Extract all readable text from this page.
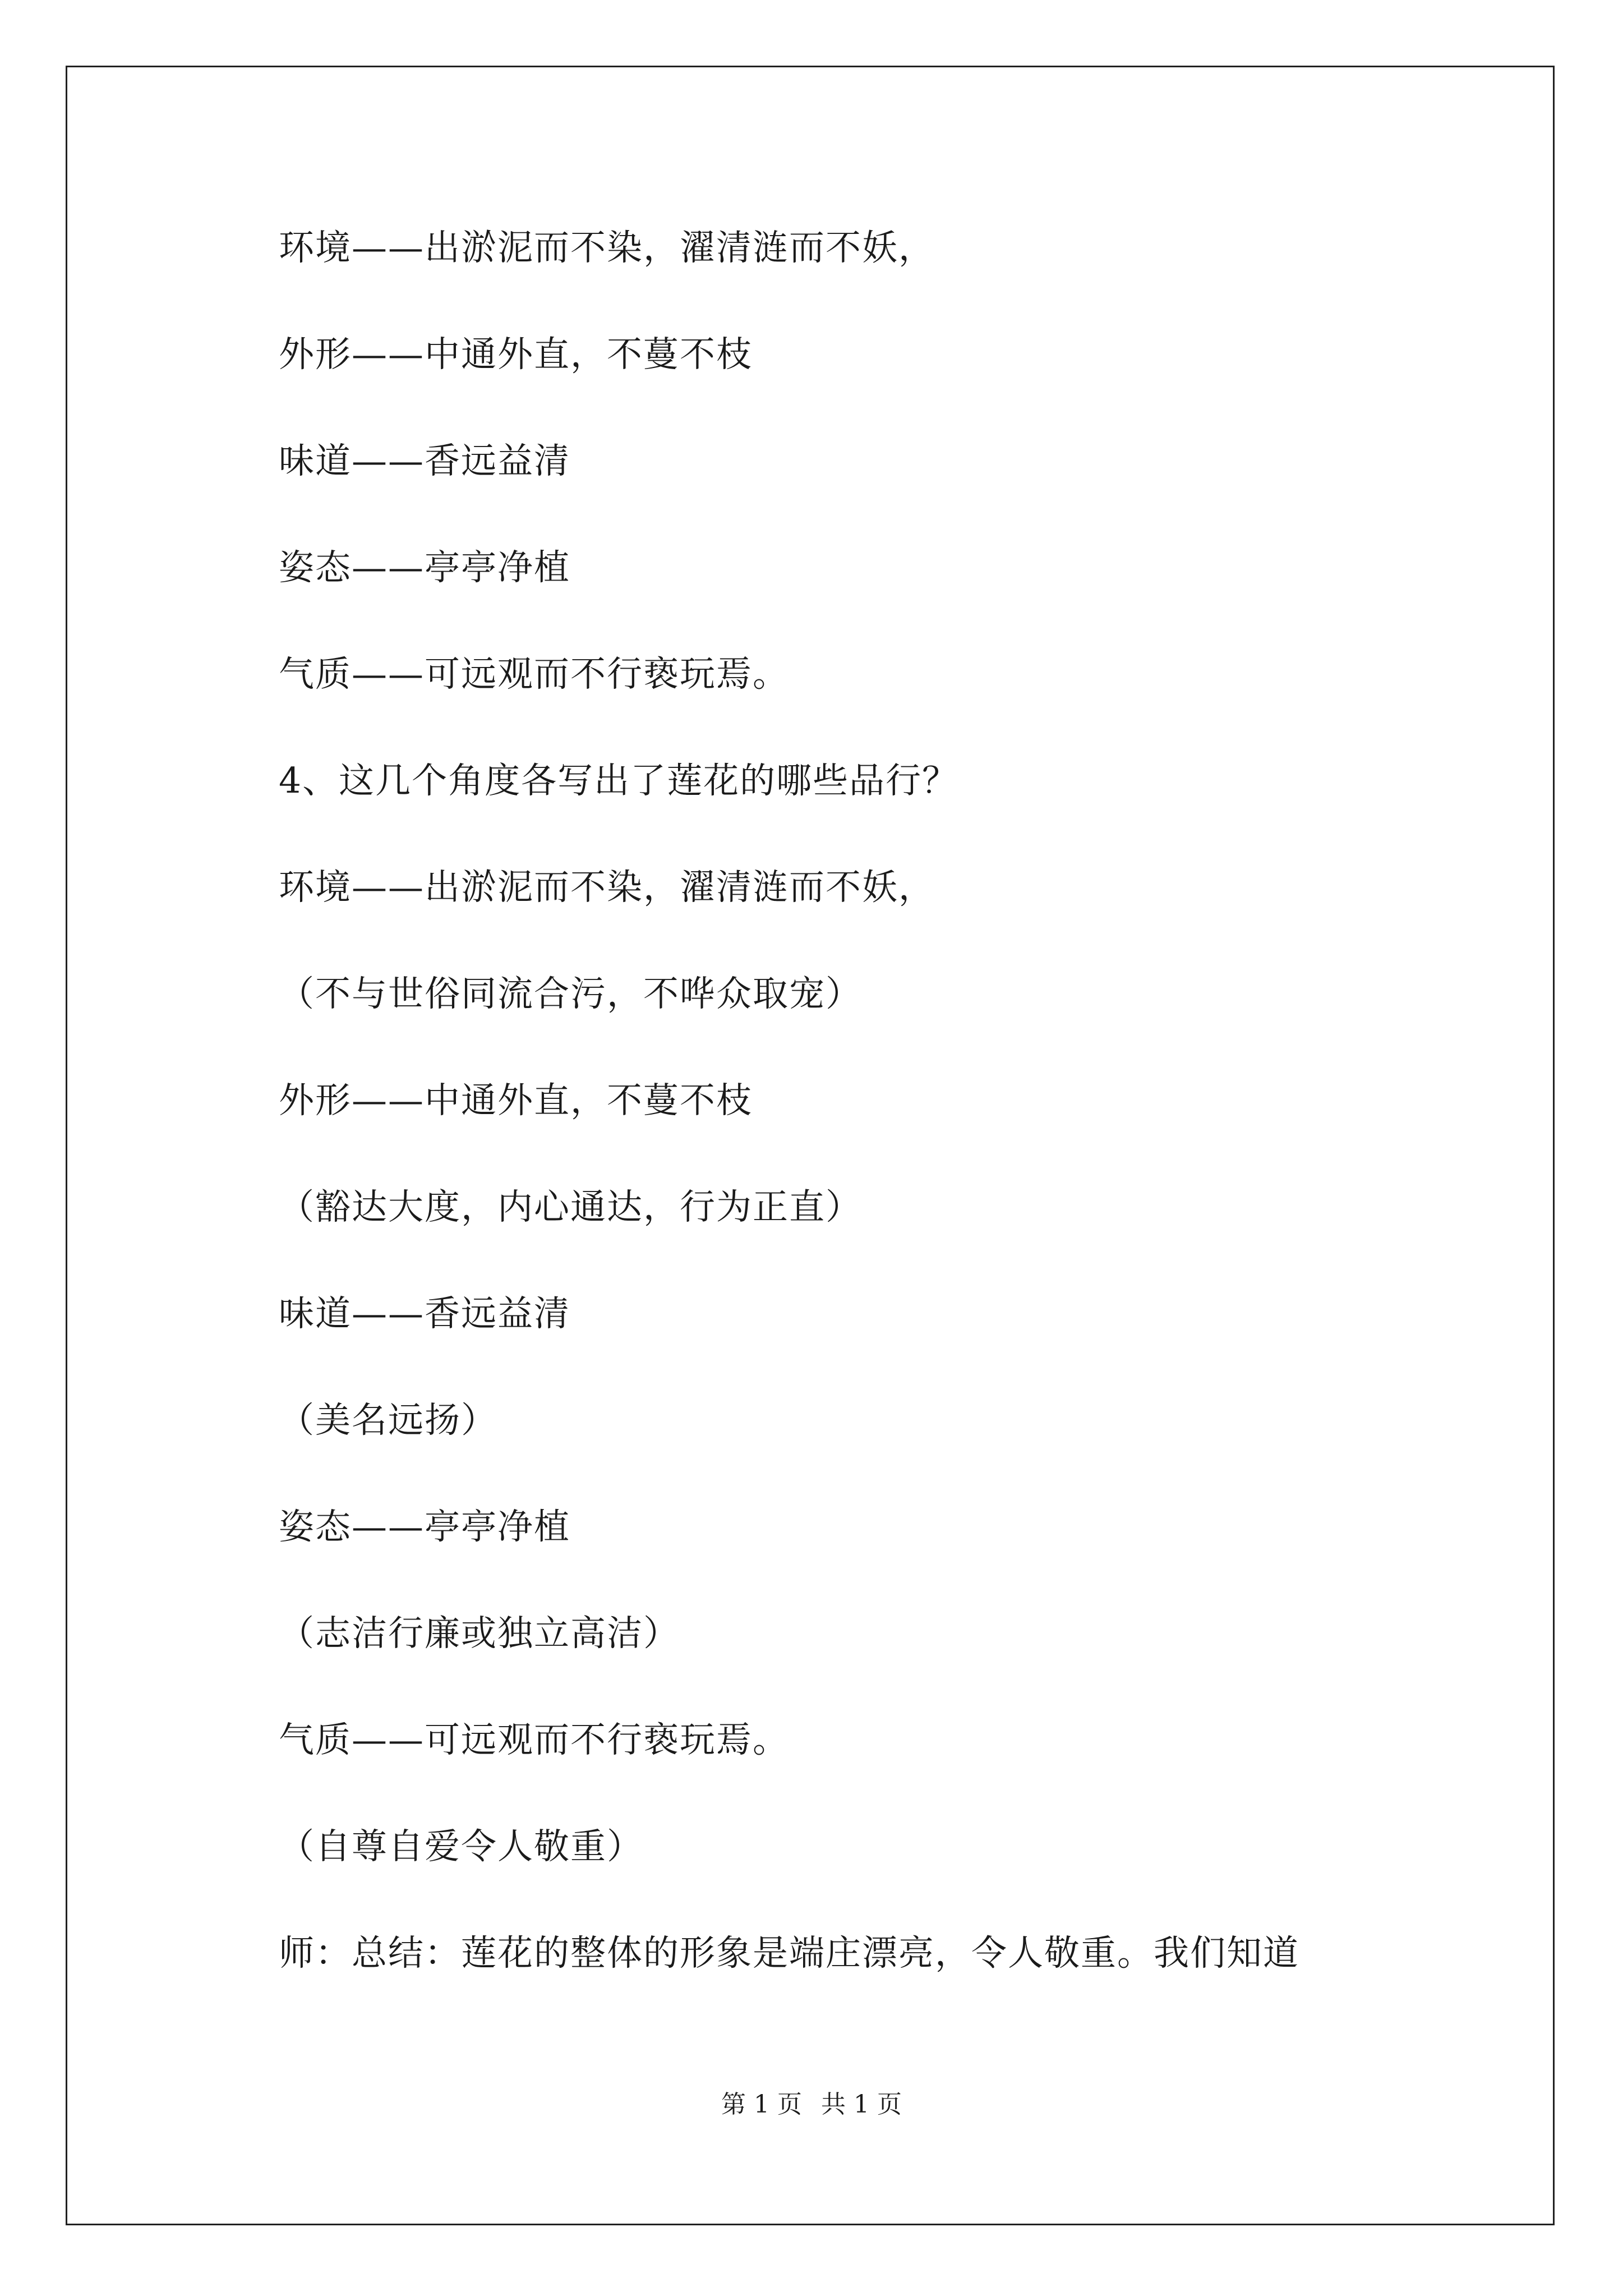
环境——出淤泥而不染，濯清涟而不妖，
外形——中通外直，不蔓不枝
味道——香远益清
姿态——亭亭净植
气质——可远观而不行亵玩焉。
4、这几个角度各写出了莲花的哪些品行？
环境——出淤泥而不染，濯清涟而不妖，
（不与世俗同流合污，不哗众取宠）
外形——中通外直，不蔓不枝
（豁达大度，内心通达，行为正直）
味道——香远益清
（美名远扬）
姿态——亭亭净植
（志洁行廉或独立高洁）
气质——可远观而不行亵玩焉。
（自尊自爱令人敬重）
师：总结：莲花的整体的形象是端庄漂亮，令人敬重。我们知道
第 1 页 共 1 页
